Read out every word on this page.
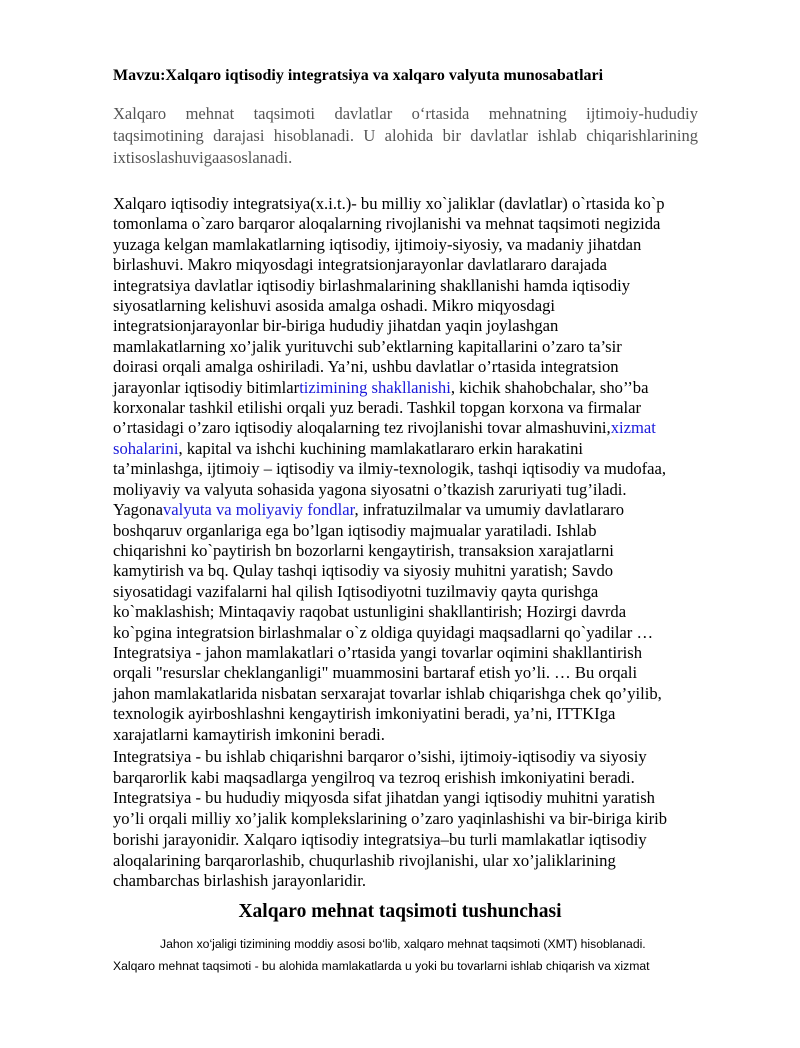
Mavzu:Xalqaro iqtisodiy integratsiya va xalqaro valyuta munosabatlari

Xalqaro mehnat taqsimoti davlatlar o‘rtasida mehnatning ijtimoiy-hududiy taqsimotining darajasi hisoblanadi. U alohida bir davlatlar ishlab chiqarishlarining ixtisoslashuvigaasoslanadi.

Xalqaro iqtisodiy integratsiya(x.i.t.)- bu milliy xo`jaliklar (davlatlar) o`rtasida ko`p
tomonlama o`zaro barqaror aloqalarning rivojlanishi va mehnat taqsimoti negizida
yuzaga kelgan mamlakatlarning iqtisodiy, ijtimoiy-siyosiy, va madaniy jihatdan
birlashuvi. Makro miqyosdagi integratsionjarayonlar davlatlararo darajada
integratsiya davlatlar iqtisodiy birlashmalarining shakllanishi hamda iqtisodiy
siyosatlarning kelishuvi asosida amalga oshadi. Mikro miqyosdagi
integratsionjarayonlar bir-biriga hududiy jihatdan yaqin joylashgan
mamlakatlarning xo’jalik yurituvchi sub’ektlarning kapitallarini o’zaro ta’sir
doirasi orqali amalga oshiriladi. Ya’ni, ushbu davlatlar o’rtasida integratsion
jarayonlar iqtisodiy bitimlartizimining shakllanishi, kichik shahobchalar, sho’’ba
korxonalar tashkil etilishi orqali yuz beradi. Tashkil topgan korxona va firmalar
o’rtasidagi o’zaro iqtisodiy aloqalarning tez rivojlanishi tovar almashuvini,xizmat
sohalarini, kapital va ishchi kuchining mamlakatlararo erkin harakatini
ta’minlashga, ijtimoiy – iqtisodiy va ilmiy-texnologik, tashqi iqtisodiy va mudofaa,
moliyaviy va valyuta sohasida yagona siyosatni o’tkazish zaruriyati tug’iladi.
Yagonavalyuta va moliyaviy fondlar, infratuzilmalar va umumiy davlatlararo
boshqaruv organlariga ega bo’lgan iqtisodiy majmualar yaratiladi. Ishlab
chiqarishni ko`paytirish bn bozorlarni kengaytirish, transaksion xarajatlarni
kamytirish va bq. Qulay tashqi iqtisodiy va siyosiy muhitni yaratish; Savdo
siyosatidagi vazifalarni hal qilish Iqtisodiyotni tuzilmaviy qayta qurishga
ko`maklashish; Mintaqaviy raqobat ustunligini shakllantirish; Hozirgi davrda
ko`pgina integratsion birlashmalar o`z oldiga quyidagi maqsadlarni qo`yadilar …
Integratsiya - jahon mamlakatlari o’rtasida yangi tovarlar oqimini shakllantirish
orqali "resurslar cheklanganligi" muammosini bartaraf etish yo’li. … Bu orqali
jahon mamlakatlarida nisbatan serxarajat tovarlar ishlab chiqarishga chek qo’yilib,
texnologik ayirboshlashni kengaytirish imkoniyatini beradi, ya’ni, ITTKIga
xarajatlarni kamaytirish imkonini beradi.
Integratsiya - bu ishlab chiqarishni barqaror o’sishi, ijtimoiy-iqtisodiy va siyosiy
barqarorlik kabi maqsadlarga yengilroq va tezroq erishish imkoniyatini beradi.
Integratsiya - bu hududiy miqyosda sifat jihatdan yangi iqtisodiy muhitni yaratish
yo’li orqali milliy xo’jalik komplekslarining o’zaro yaqinlashishi va bir-biriga kirib
borishi jarayonidir. Xalqaro iqtisodiy integratsiya–bu turli mamlakatlar iqtisodiy
aloqalarining barqarorlashib, chuqurlashib rivojlanishi, ular xo’jaliklarining
chambarchas birlashish jarayonlaridir.
Xalqaro mehnat taqsimoti tushunchasi

Jahon xo‘jaligi tizimining moddiy asosi bo‘lib, xalqaro mehnat taqsimoti (XMT) hisoblanadi.

Xalqaro mehnat taqsimoti - bu alohida mamlakatlarda u yoki bu tovarlarni ishlab chiqarish va xizmat
